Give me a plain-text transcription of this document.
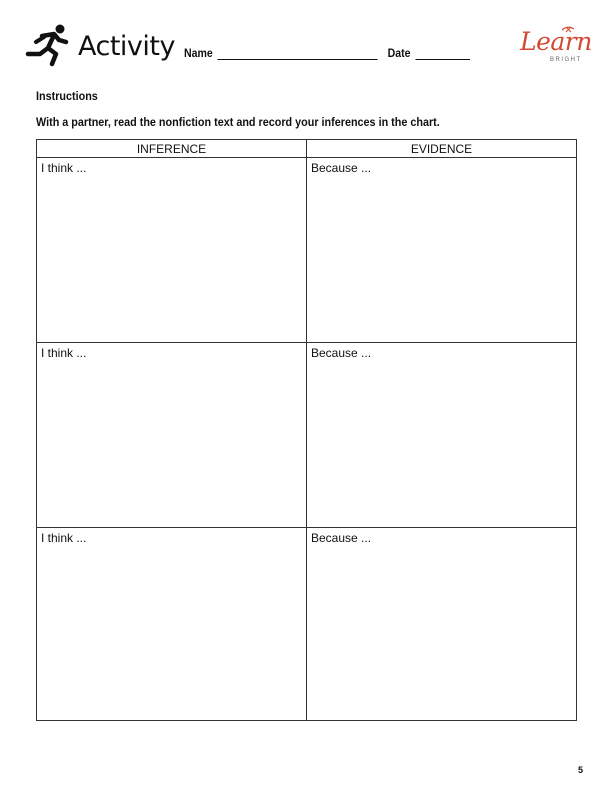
Activity Name	Date	Learn
BRIGHT
Instructions
With a partner, read the nonfiction text and record your inferences in the chart.
INFERENCE	EVIDENCE
I think ...	Because ...
I think ...	Because ...
I think ...	Because ...
5
